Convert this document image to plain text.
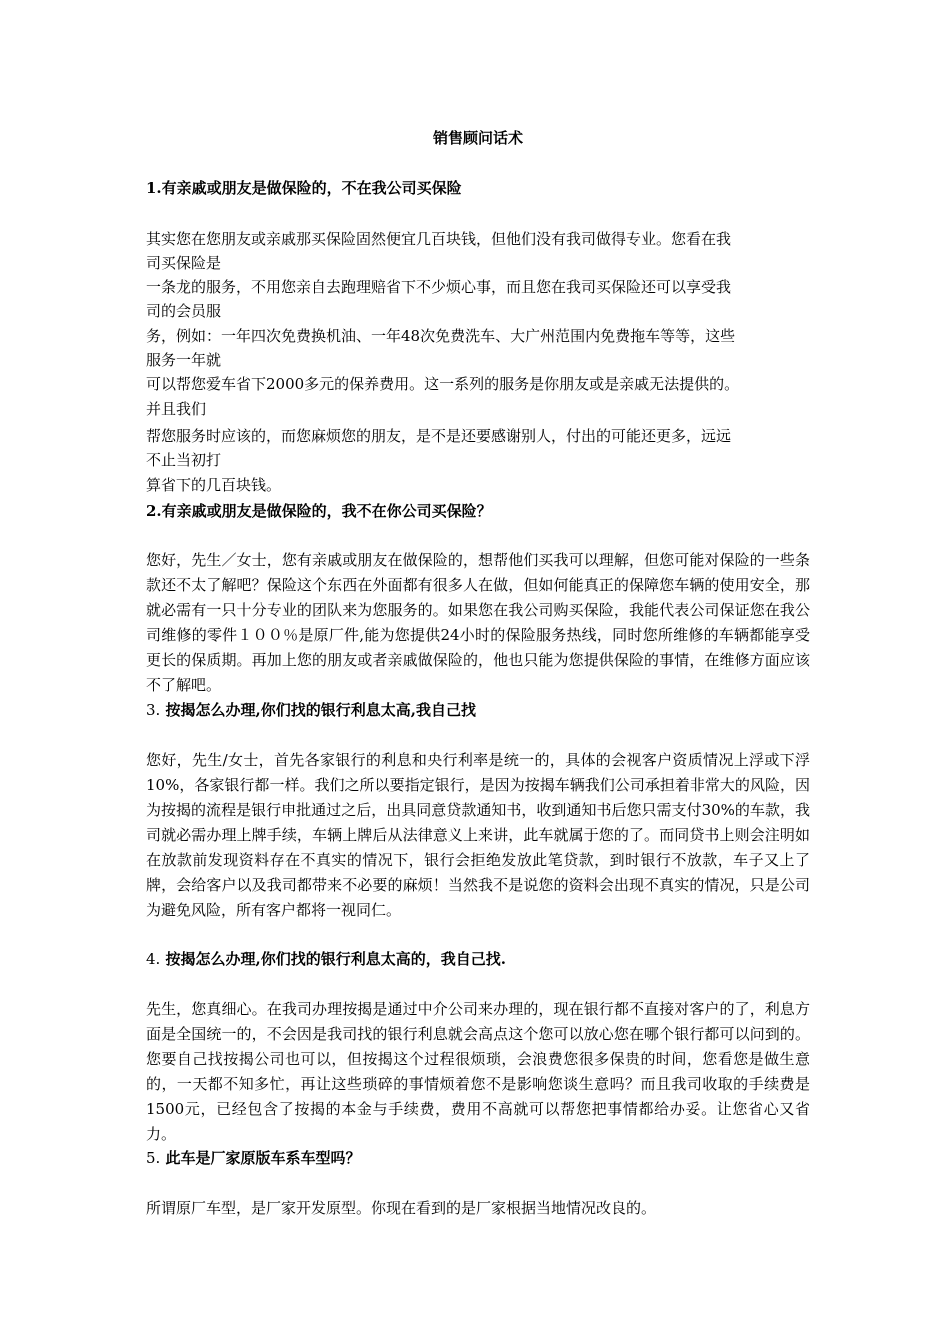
销售顾问话术
1.有亲戚或朋友是做保险的，不在我公司买保险
其实您在您朋友或亲戚那买保险固然便宜几百块钱，但他们没有我司做得专业。您看在我
司买保险是
一条龙的服务，不用您亲自去跑理赔省下不少烦心事，而且您在我司买保险还可以享受我
司的会员服
务，例如：一年四次免费换机油、一年48次免费洗车、大广州范围内免费拖车等等，这些
服务一年就
可以帮您爱车省下2000多元的保养费用。这一系列的服务是你朋友或是亲戚无法提供的。
并且我们
帮您服务时应该的，而您麻烦您的朋友，是不是还要感谢别人，付出的可能还更多，远远
不止当初打
算省下的几百块钱。
2.有亲戚或朋友是做保险的，我不在你公司买保险？
您好，先生／女士，您有亲戚或朋友在做保险的，想帮他们买我可以理解，但您可能对保险的一些条款还不太了解吧？保险这个东西在外面都有很多人在做，但如何能真正的保障您车辆的使用安全，那就必需有一只十分专业的团队来为您服务的。如果您在我公司购买保险，我能代表公司保证您在我公司维修的零件１００％是原厂件,能为您提供24小时的保险服务热线，同时您所维修的车辆都能享受更长的保质期。再加上您的朋友或者亲戚做保险的，他也只能为您提供保险的事情，在维修方面应该不了解吧。
3. 按揭怎么办理,你们找的银行利息太高,我自己找
您好，先生/女士，首先各家银行的利息和央行利率是统一的，具体的会视客户资质情况上浮或下浮10%，各家银行都一样。我们之所以要指定银行，是因为按揭车辆我们公司承担着非常大的风险，因为按揭的流程是银行申批通过之后，出具同意贷款通知书，收到通知书后您只需支付30%的车款，我司就必需办理上牌手续，车辆上牌后从法律意义上来讲，此车就属于您的了。而同贷书上则会注明如在放款前发现资料存在不真实的情况下，银行会拒绝发放此笔贷款，到时银行不放款，车子又上了牌，会给客户以及我司都带来不必要的麻烦！当然我不是说您的资料会出现不真实的情况，只是公司为避免风险，所有客户都将一视同仁。
4. 按揭怎么办理,你们找的银行利息太高的，我自己找.
先生，您真细心。在我司办理按揭是通过中介公司来办理的，现在银行都不直接对客户的了，利息方面是全国统一的，不会因是我司找的银行利息就会高点这个您可以放心您在哪个银行都可以问到的。您要自己找按揭公司也可以，但按揭这个过程很烦琐，会浪费您很多保贵的时间，您看您是做生意的，一天都不知多忙，再让这些琐碎的事情烦着您不是影响您谈生意吗？而且我司收取的手续费是1500元，已经包含了按揭的本金与手续费，费用不高就可以帮您把事情都给办妥。让您省心又省力。
5. 此车是厂家原版车系车型吗？
所谓原厂车型，是厂家开发原型。你现在看到的是厂家根据当地情况改良的。
